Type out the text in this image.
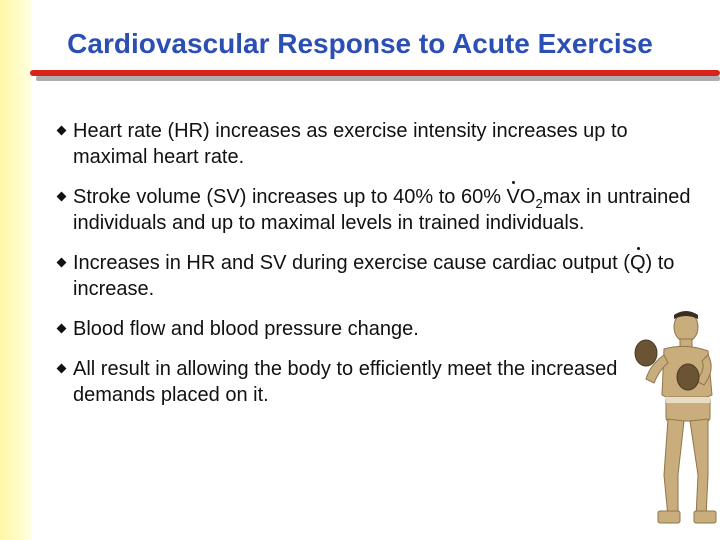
Cardiovascular Response to Acute Exercise
Heart rate (HR) increases as exercise intensity increases up to maximal heart rate.
Stroke volume (SV) increases up to 40% to 60% $VO_2\max$ in untrained individuals and up to maximal levels in trained individuals.
Increases in HR and SV during exercise cause cardiac output (Q) to increase.
Blood flow and blood pressure change.
All result in allowing the body to efficiently meet the increased demands placed on it.
